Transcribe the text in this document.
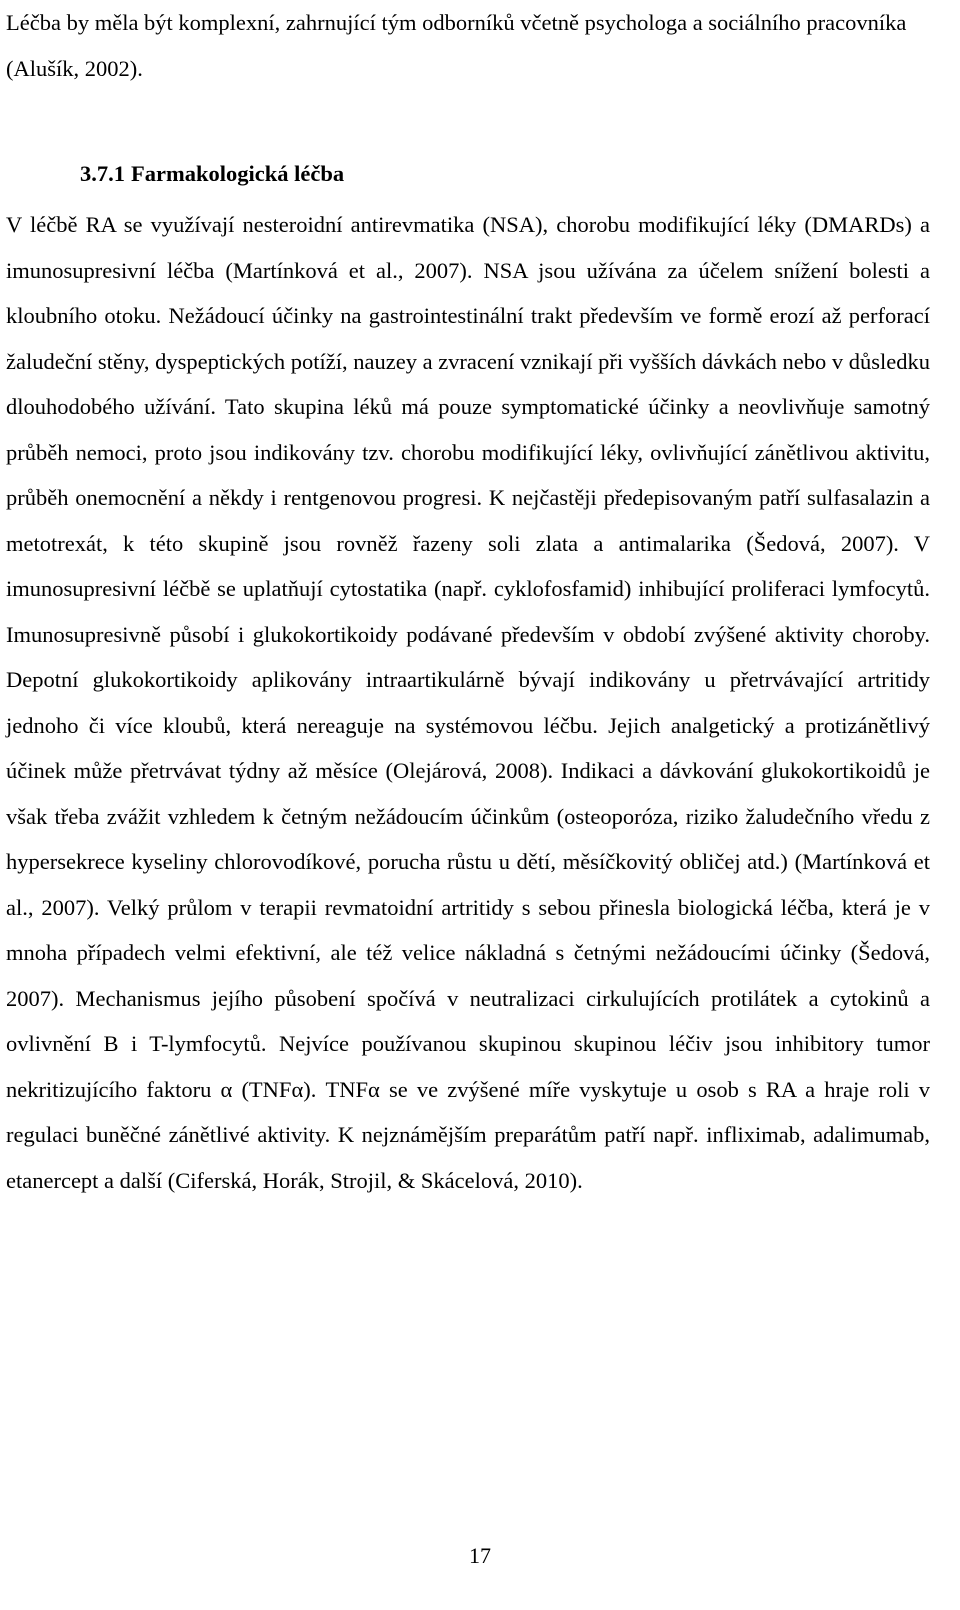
Léčba by měla být komplexní, zahrnující tým odborníků včetně psychologa a sociálního pracovníka (Alušík, 2002).

3.7.1 Farmakologická léčba

V léčbě RA se využívají nesteroidní antirevmatika (NSA), chorobu modifikující léky (DMARDs) a imunosupresivní léčba (Martínková et al., 2007). NSA jsou užívána za účelem snížení bolesti a kloubního otoku. Nežádoucí účinky na gastrointestinální trakt především ve formě erozí až perforací žaludeční stěny, dyspeptických potíží, nauzey a zvracení vznikají při vyšších dávkách nebo v důsledku dlouhodobého užívání. Tato skupina léků má pouze symptomatické účinky a neovlivňuje samotný průběh nemoci, proto jsou indikovány tzv. chorobu modifikující léky, ovlivňující zánětlivou aktivitu, průběh onemocnění a někdy i rentgenovou progresi. K nejčastěji předepisovaným patří sulfasalazin a metotrexát, k této skupině jsou rovněž řazeny soli zlata a antimalarika (Šedová, 2007). V imunosupresivní léčbě se uplatňují cytostatika (např. cyklofosfamid) inhibující proliferaci lymfocytů. Imunosupresivně působí i glukokortikoidy podávané především v období zvýšené aktivity choroby. Depotní glukokortikoidy aplikovány intraartikulárně bývají indikovány u přetrvávající artritidy jednoho či více kloubů, která nereaguje na systémovou léčbu. Jejich analgetický a protizánětlivý účinek může přetrvávat týdny až měsíce (Olejárová, 2008). Indikaci a dávkování glukokortikoidů je však třeba zvážit vzhledem k četným nežádoucím účinkům (osteoporóza, riziko žaludečního vředu z hypersekrece kyseliny chlorovodíkové, porucha růstu u dětí, měsíčkovitý obličej atd.) (Martínková et al., 2007). Velký průlom v terapii revmatoidní artritidy s sebou přinesla biologická léčba, která je v mnoha případech velmi efektivní, ale též velice nákladná s četnými nežádoucími účinky (Šedová, 2007). Mechanismus jejího působení spočívá v neutralizaci cirkulujících protilátek a cytokinů a ovlivnění B i T-lymfocytů. Nejvíce používanou skupinou skupinou léčiv jsou inhibitory tumor nekritizujícího faktoru α (TNFα). TNFα se ve zvýšené míře vyskytuje u osob s RA a hraje roli v regulaci buněčné zánětlivé aktivity. K nejznámějším preparátům patří např. infliximab, adalimumab, etanercept a další (Ciferská, Horák, Strojil, & Skácelová, 2010).

17
